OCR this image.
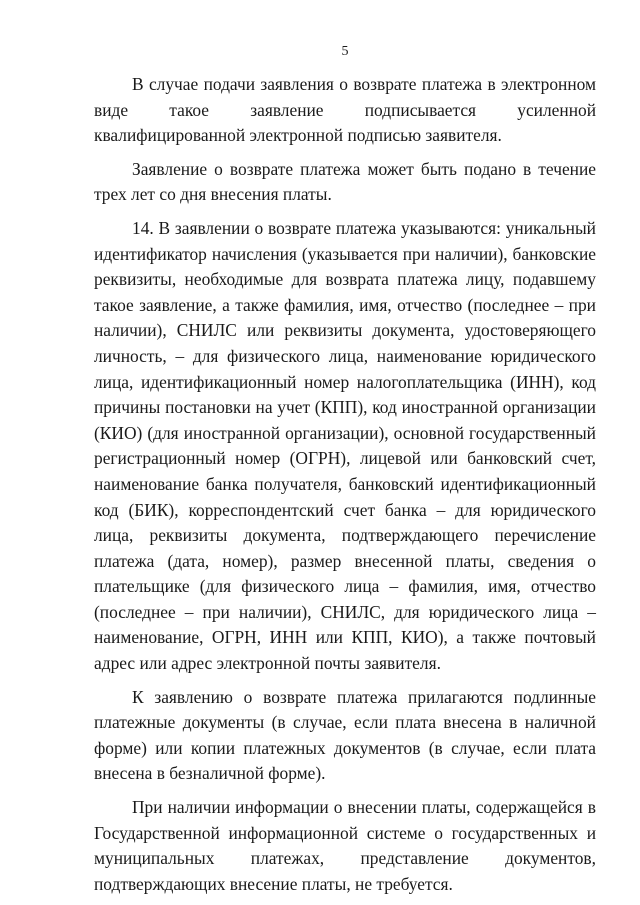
5

В случае подачи заявления о возврате платежа в электронном виде такое заявление подписывается усиленной квалифицированной электронной подписью заявителя.

Заявление о возврате платежа может быть подано в течение трех лет со дня внесения платы.

14. В заявлении о возврате платежа указываются: уникальный идентификатор начисления (указывается при наличии), банковские реквизиты, необходимые для возврата платежа лицу, подавшему такое заявление, а также фамилия, имя, отчество (последнее – при наличии), СНИЛС или реквизиты документа, удостоверяющего личность, – для физического лица, наименование юридического лица, идентификационный номер налогоплательщика (ИНН), код причины постановки на учет (КПП), код иностранной организации (КИО) (для иностранной организации), основной государственный регистрационный номер (ОГРН), лицевой или банковский счет, наименование банка получателя, банковский идентификационный код (БИК), корреспондентский счет банка – для юридического лица, реквизиты документа, подтверждающего перечисление платежа (дата, номер), размер внесенной платы, сведения о плательщике (для физического лица – фамилия, имя, отчество (последнее – при наличии), СНИЛС, для юридического лица – наименование, ОГРН, ИНН или КПП, КИО), а также почтовый адрес или адрес электронной почты заявителя.

К заявлению о возврате платежа прилагаются подлинные платежные документы (в случае, если плата внесена в наличной форме) или копии платежных документов (в случае, если плата внесена в безналичной форме).

При наличии информации о внесении платы, содержащейся в Государственной информационной системе о государственных и муниципальных платежах, представление документов, подтверждающих внесение платы, не требуется.
